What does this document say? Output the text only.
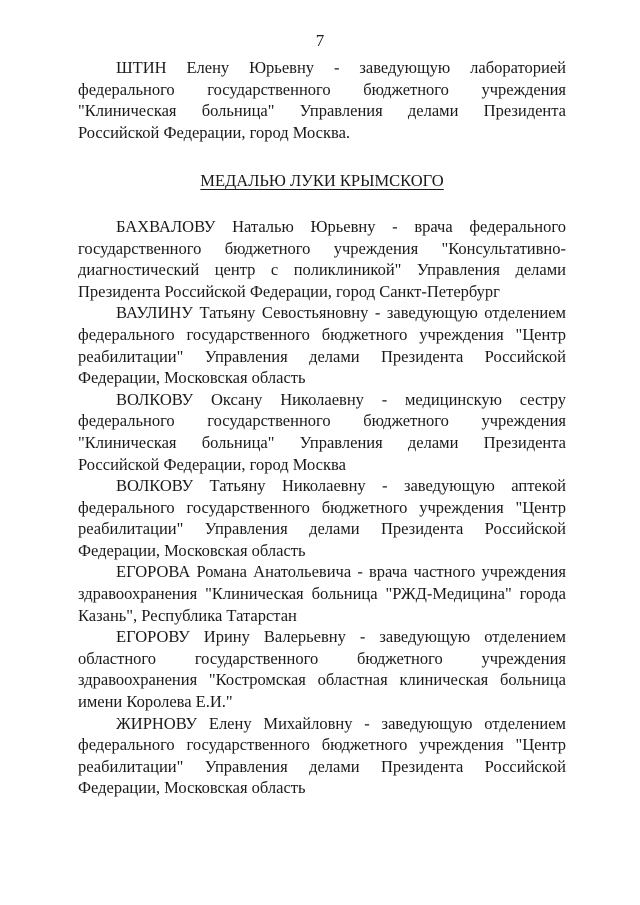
7

ШТИН Елену Юрьевну - заведующую лабораторией федерального государственного бюджетного учреждения "Клиническая больница" Управления делами Президента Российской Федерации, город Москва.

МЕДАЛЬЮ ЛУКИ КРЫМСКОГО

БАХВАЛОВУ Наталью Юрьевну - врача федерального государственного бюджетного учреждения "Консультативно-диагностический центр с поликлиникой" Управления делами Президента Российской Федерации, город Санкт-Петербург

ВАУЛИНУ Татьяну Севостьяновну - заведующую отделением федерального государственного бюджетного учреждения "Центр реабилитации" Управления делами Президента Российской Федерации, Московская область

ВОЛКОВУ Оксану Николаевну - медицинскую сестру федерального государственного бюджетного учреждения "Клиническая больница" Управления делами Президента Российской Федерации, город Москва

ВОЛКОВУ Татьяну Николаевну - заведующую аптекой федерального государственного бюджетного учреждения "Центр реабилитации" Управления делами Президента Российской Федерации, Московская область

ЕГОРОВА Романа Анатольевича - врача частного учреждения здравоохранения "Клиническая больница "РЖД-Медицина" города Казань", Республика Татарстан

ЕГОРОВУ Ирину Валерьевну - заведующую отделением областного государственного бюджетного учреждения здравоохранения "Костромская областная клиническая больница имени Королева Е.И."

ЖИРНОВУ Елену Михайловну - заведующую отделением федерального государственного бюджетного учреждения "Центр реабилитации" Управления делами Президента Российской Федерации, Московская область
